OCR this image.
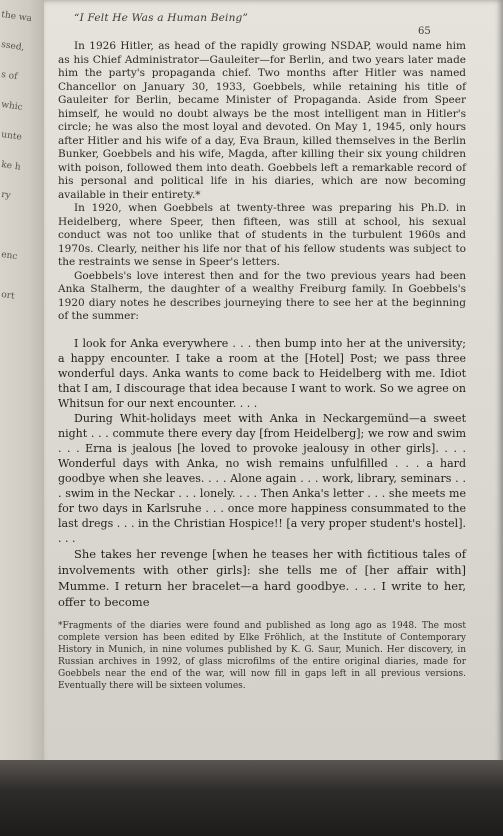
the wa
ssed,
s of
whic
unte
ke h
ry
enc
ort
“I Felt He Was a Human Being”
65

In 1926 Hitler, as head of the rapidly growing NSDAP, would name him as his Chief Administrator—Gauleiter—for Berlin, and two years later made him the party's propaganda chief. Two months after Hitler was named Chancellor on January 30, 1933, Goebbels, while retaining his title of Gauleiter for Berlin, became Minister of Propaganda. Aside from Speer himself, he would no doubt always be the most intelligent man in Hitler's circle; he was also the most loyal and devoted. On May 1, 1945, only hours after Hitler and his wife of a day, Eva Braun, killed themselves in the Berlin Bunker, Goebbels and his wife, Magda, after killing their six young children with poison, followed them into death. Goebbels left a remarkable record of his personal and political life in his diaries, which are now becoming available in their entirety.*

In 1920, when Goebbels at twenty-three was preparing his Ph.D. in Heidelberg, where Speer, then fifteen, was still at school, his sexual conduct was not too unlike that of students in the turbulent 1960s and 1970s. Clearly, neither his life nor that of his fellow students was subject to the restraints we sense in Speer's letters.

Goebbels's love interest then and for the two previous years had been Anka Stalherm, the daughter of a wealthy Freiburg family. In Goebbels's 1920 diary notes he describes journeying there to see her at the beginning of the summer:

I look for Anka everywhere . . . then bump into her at the university; a happy encounter. I take a room at the [Hotel] Post; we pass three wonderful days. Anka wants to come back to Heidelberg with me. Idiot that I am, I discourage that idea because I want to work. So we agree on Whitsun for our next encounter. . . .

During Whit-holidays meet with Anka in Neckargemünd—a sweet night . . . commute there every day [from Heidelberg]; we row and swim . . . Erna is jealous [he loved to provoke jealousy in other girls]. . . . Wonderful days with Anka, no wish remains unfulfilled . . . a hard goodbye when she leaves. . . . Alone again . . . work, library, seminars . . . swim in the Neckar . . . lonely. . . . Then Anka's letter . . . she meets me for two days in Karlsruhe . . . once more happiness consummated to the last dregs . . . in the Christian Hospice!! [a very proper student's hostel]. . . .

She takes her revenge [when he teases her with fictitious tales of involvements with other girls]: she tells me of [her affair with] Mumme. I return her bracelet—a hard goodbye. . . . I write to her, offer to become

*Fragments of the diaries were found and published as long ago as 1948. The most complete version has been edited by Elke Fröhlich, at the Institute of Contemporary History in Munich, in nine volumes published by K. G. Saur, Munich. Her discovery, in Russian archives in 1992, of glass microfilms of the entire original diaries, made for Goebbels near the end of the war, will now fill in gaps left in all previous versions. Eventually there will be sixteen volumes.
